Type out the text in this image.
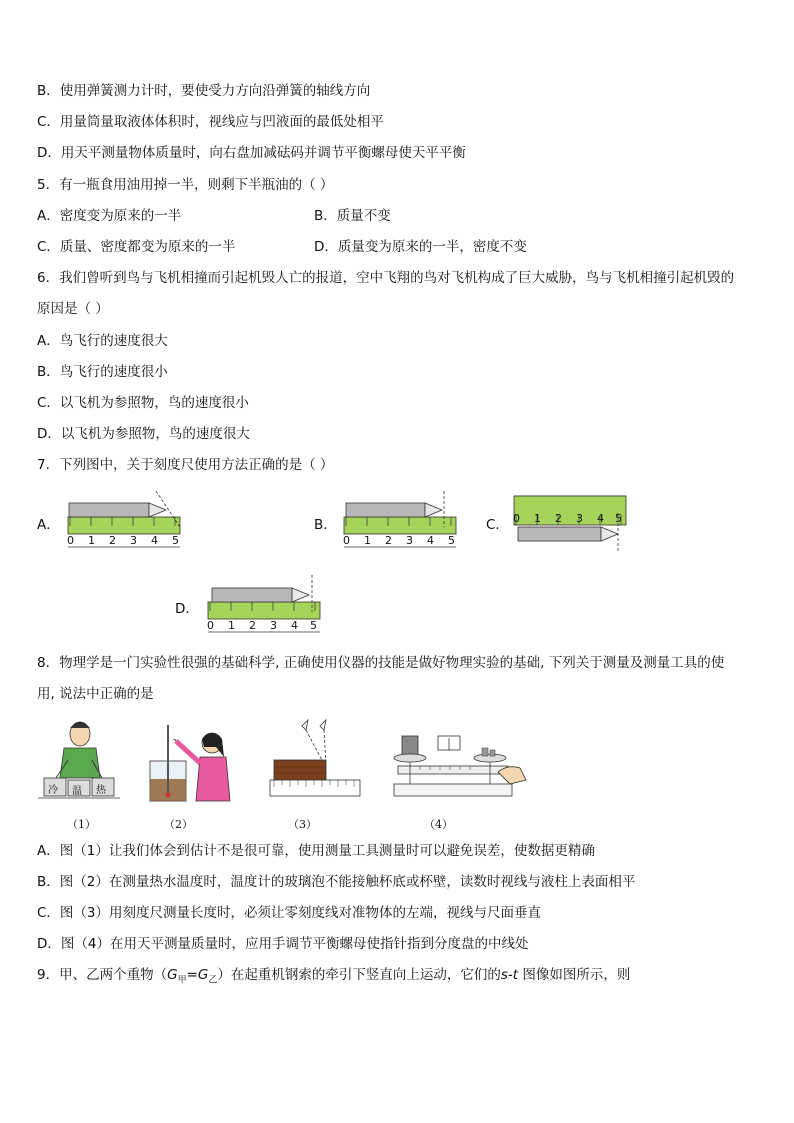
B．使用弹簧测力计时，要使受力方向沿弹簧的轴线方向
C．用量筒量取液体体积时，视线应与凹液面的最低处相平
D．用天平测量物体质量时，向右盘加减砝码并调节平衡螺母使天平平衡
5．有一瓶食用油用掉一半，则剩下半瓶油的（ ）
A．密度变为原来的一半	B．质量不变
C．质量、密度都变为原来的一半	D．质量变为原来的一半，密度不变
6．我们曾听到鸟与飞机相撞而引起机毁人亡的报道，空中飞翔的鸟对飞机构成了巨大威胁，鸟与飞机相撞引起机毁的
原因是（ ）
A．鸟飞行的速度很大
B．鸟飞行的速度很小
C．以飞机为参照物，鸟的速度很小
D．以飞机为参照物，鸟的速度很大
7．下列图中，关于刻度尺使用方法正确的是（ ）
A．	B．	C．
D．
0 1 2 3 4 5	0 1 2 3 4 5
0 1 2 3 4 5
0 1 2 3 4 5
8．物理学是一门实验性很强的基础科学, 正确使用仪器的技能是做好物理实验的基础, 下列关于测量及测量工具的使
用, 说法中正确的是
冷 温 热
（1）	（2）	（3）	（4）
A．图（1）让我们体会到估计不是很可靠，使用测量工具测量时可以避免误差，使数据更精确
B．图（2）在测量热水温度时，温度计的玻璃泡不能接触杯底或杯壁，读数时视线与液柱上表面相平
C．图（3）用刻度尺测量长度时，必须让零刻度线对准物体的左端，视线与尺面垂直
D．图（4）在用天平测量质量时，应用手调节平衡螺母使指针指到分度盘的中线处
9．甲、乙两个重物$(G_甲=G_乙)$在起重机钢索的牵引下竖直向上运动，它们的s-t 图像如图所示，则
